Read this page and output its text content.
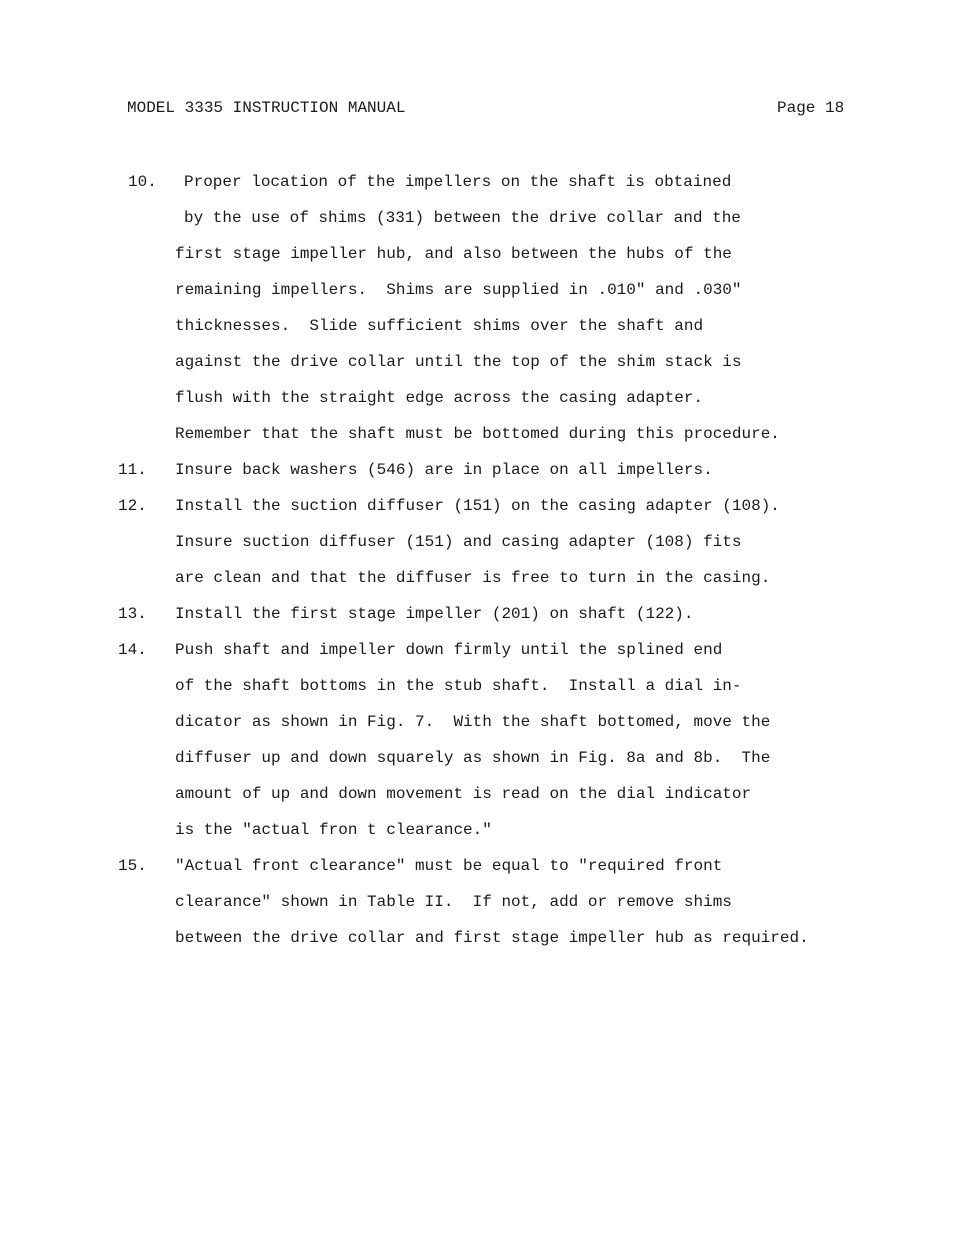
MODEL 3335 INSTRUCTION MANUAL	Page 18
10. Proper location of the impellers on the shaft is obtained
by the use of shims (331) between the drive collar and the
first stage impeller hub, and also between the hubs of the
remaining impellers.  Shims are supplied in .010" and .030"
thicknesses.  Slide sufficient shims over the shaft and
against the drive collar until the top of the shim stack is
flush with the straight edge across the casing adapter.
Remember that the shaft must be bottomed during this procedure.
11. Insure back washers (546) are in place on all impellers.
12. Install the suction diffuser (151) on the casing adapter (108).
Insure suction diffuser (151) and casing adapter (108) fits
are clean and that the diffuser is free to turn in the casing.
13. Install the first stage impeller (201) on shaft (122).
14. Push shaft and impeller down firmly until the splined end
of the shaft bottoms in the stub shaft.  Install a dial in-
dicator as shown in Fig. 7.  With the shaft bottomed, move the
diffuser up and down squarely as shown in Fig. 8a and 8b.  The
amount of up and down movement is read on the dial indicator
is the "actual fron t clearance."
15. "Actual front clearance" must be equal to "required front
clearance" shown in Table II.  If not, add or remove shims
between the drive collar and first stage impeller hub as required.
